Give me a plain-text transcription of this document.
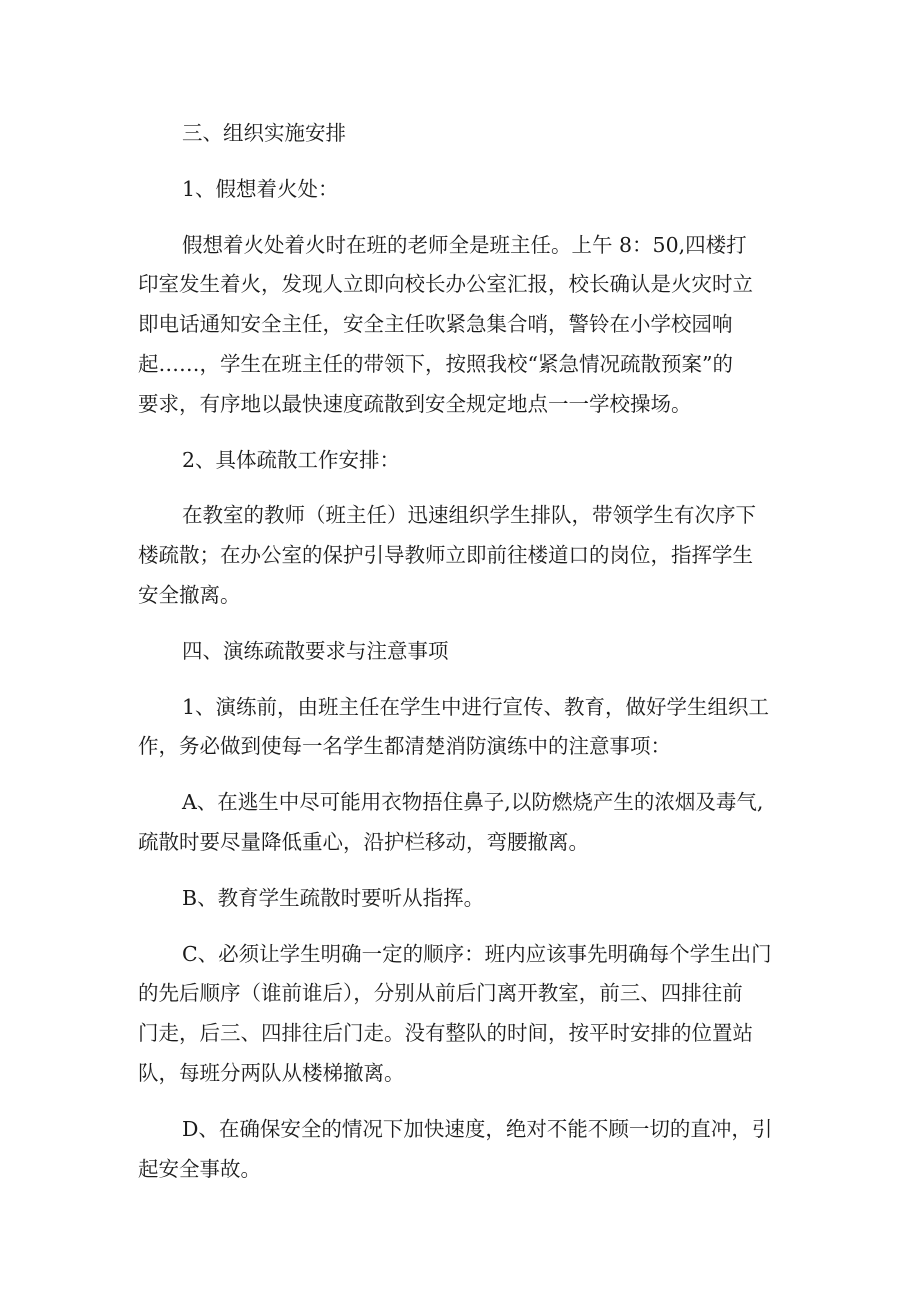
三、组织实施安排
1、假想着火处：
假想着火处着火时在班的老师全是班主任。上午 8：50,四楼打
印室发生着火，发现人立即向校长办公室汇报，校长确认是火灾时立
即电话通知安全主任，安全主任吹紧急集合哨，警铃在小学校园响
起……，学生在班主任的带领下，按照我校“紧急情况疏散预案”的
要求，有序地以最快速度疏散到安全规定地点一一学校操场。
2、具体疏散工作安排：
在教室的教师（班主任）迅速组织学生排队，带领学生有次序下
楼疏散；在办公室的保护引导教师立即前往楼道口的岗位，指挥学生
安全撤离。
四、演练疏散要求与注意事项
1、演练前，由班主任在学生中进行宣传、教育，做好学生组织工
作，务必做到使每一名学生都清楚消防演练中的注意事项：
A、在逃生中尽可能用衣物捂住鼻子,以防燃烧产生的浓烟及毒气,
疏散时要尽量降低重心，沿护栏移动，弯腰撤离。
B、教育学生疏散时要听从指挥。
C、必须让学生明确一定的顺序：班内应该事先明确每个学生出门
的先后顺序（谁前谁后），分别从前后门离开教室，前三、四排往前
门走，后三、四排往后门走。没有整队的时间，按平时安排的位置站
队，每班分两队从楼梯撤离。
D、在确保安全的情况下加快速度，绝对不能不顾一切的直冲，引
起安全事故。
